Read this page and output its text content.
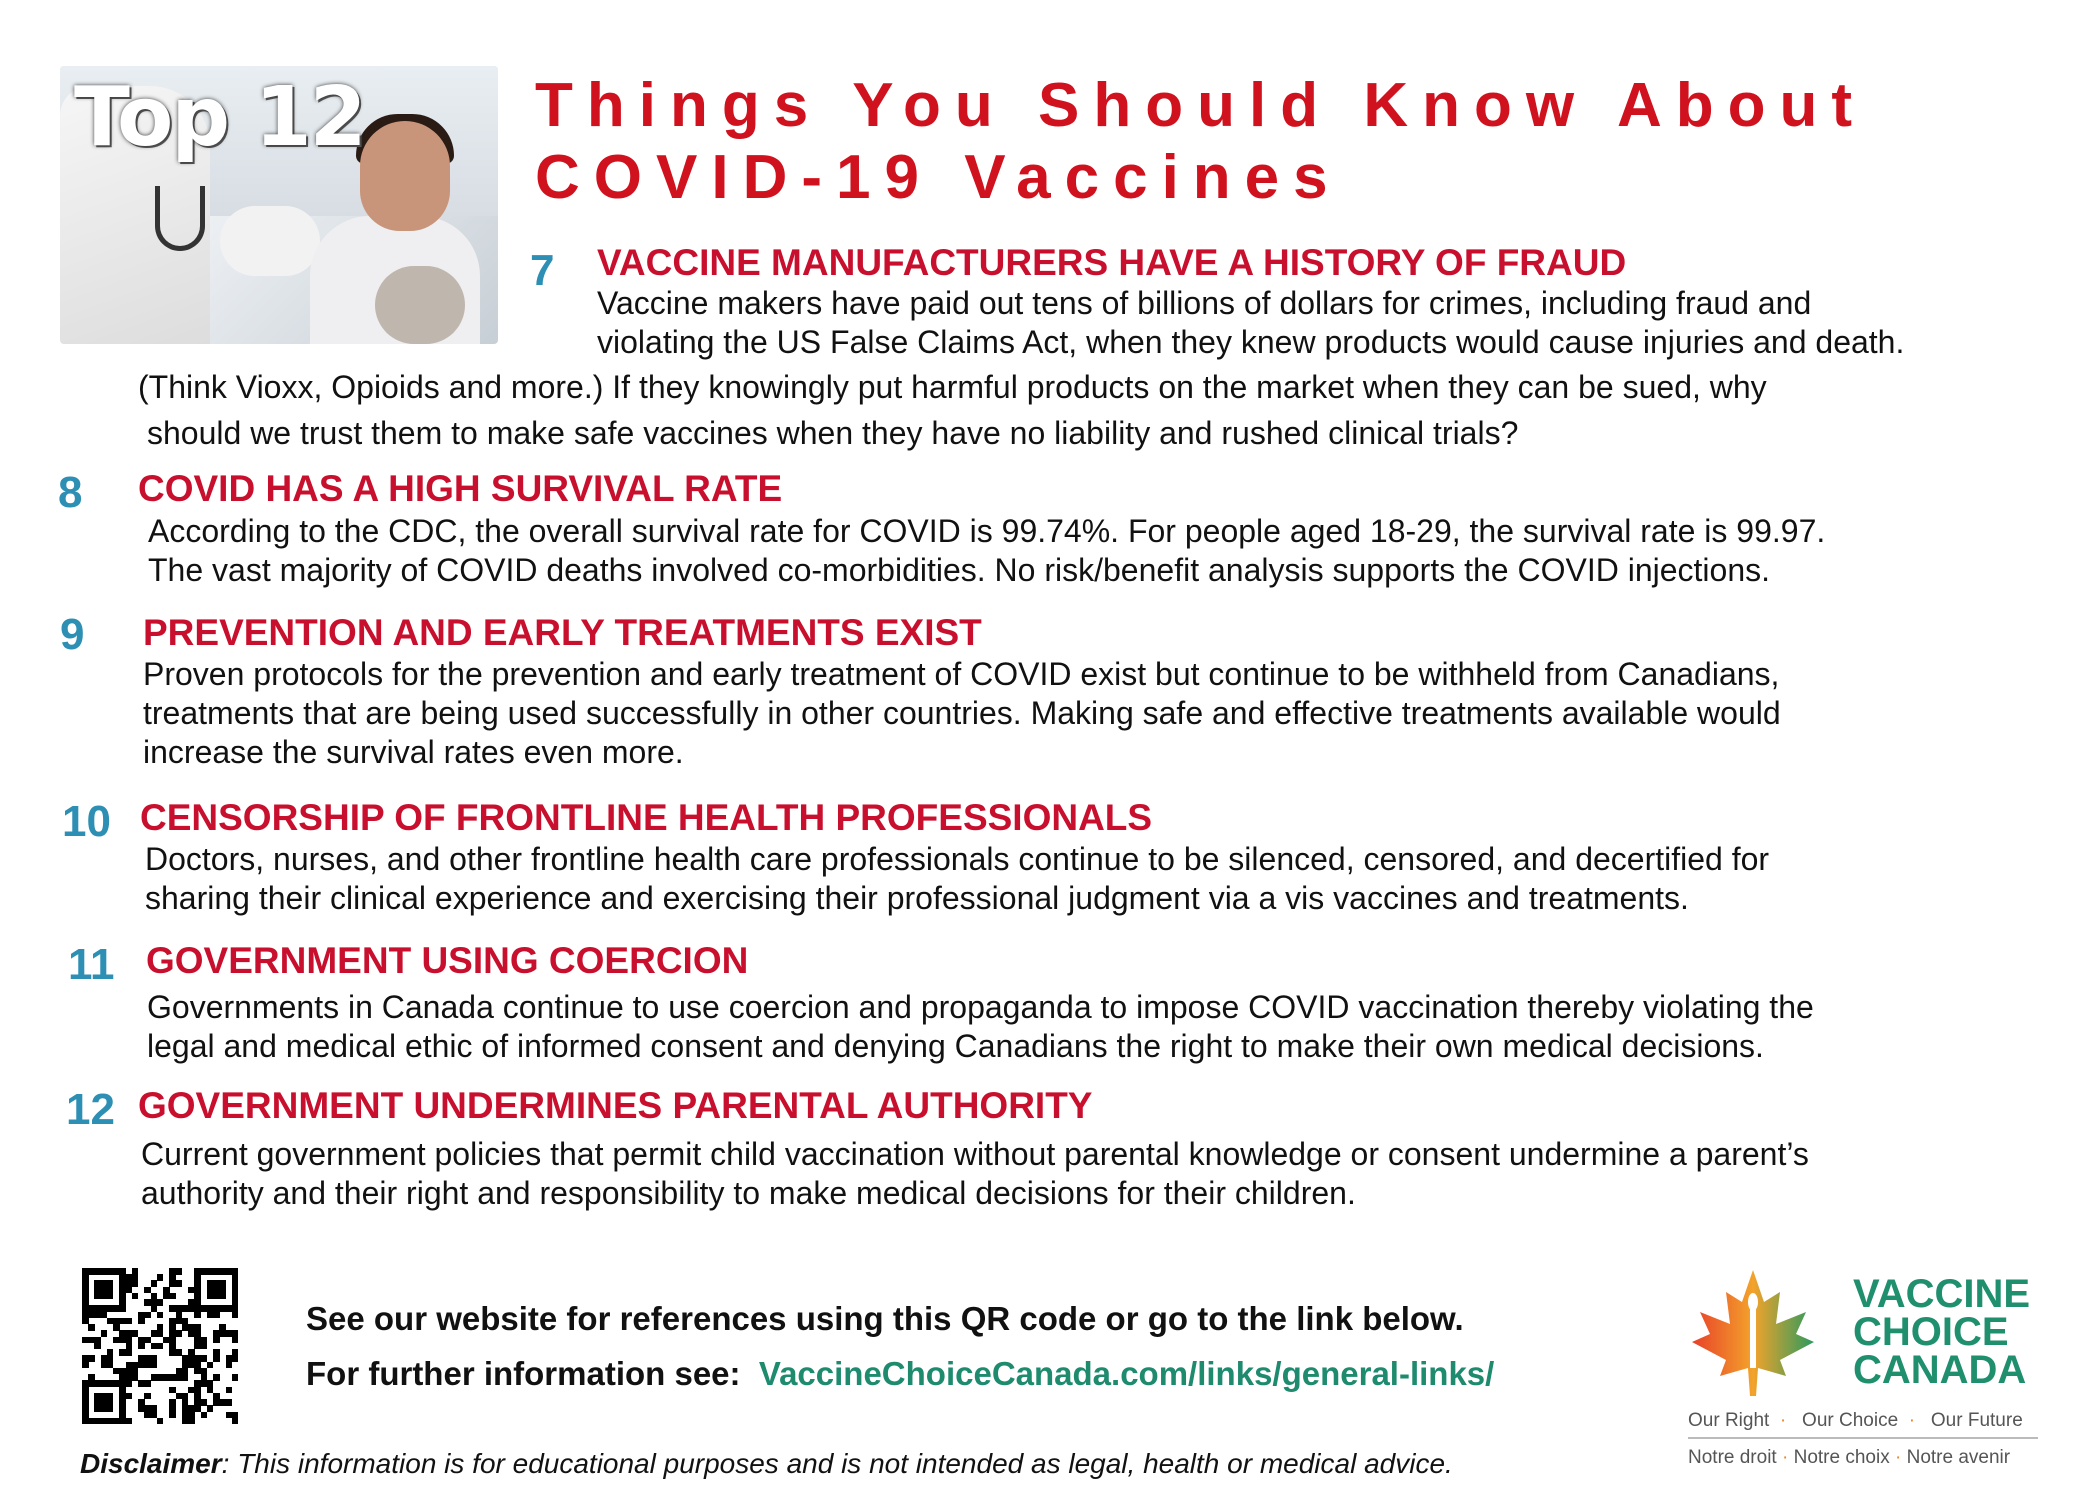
Top 12	Things You Should Know About
COVID-19 Vaccines
7 VACCINE MANUFACTURERS HAVE A HISTORY OF FRAUD
Vaccine makers have paid out tens of billions of dollars for crimes, including fraud and
violating the US False Claims Act, when they knew products would cause injuries and death.
(Think Vioxx, Opioids and more.) If they knowingly put harmful products on the market when they can be sued, why
should we trust them to make safe vaccines when they have no liability and rushed clinical trials?
8 COVID HAS A HIGH SURVIVAL RATE
According to the CDC, the overall survival rate for COVID is 99.74%. For people aged 18-29, the survival rate is 99.97.
The vast majority of COVID deaths involved co-morbidities. No risk/benefit analysis supports the COVID injections.
9 PREVENTION AND EARLY TREATMENTS EXIST
Proven protocols for the prevention and early treatment of COVID exist but continue to be withheld from Canadians,
treatments that are being used successfully in other countries. Making safe and effective treatments available would
increase the survival rates even more.
10 CENSORSHIP OF FRONTLINE HEALTH PROFESSIONALS
Doctors, nurses, and other frontline health care professionals continue to be silenced, censored, and decertified for
sharing their clinical experience and exercising their professional judgment via a vis vaccines and treatments.
11 GOVERNMENT USING COERCION
Governments in Canada continue to use coercion and propaganda to impose COVID vaccination thereby violating the
legal and medical ethic of informed consent and denying Canadians the right to make their own medical decisions.
12 GOVERNMENT UNDERMINES PARENTAL AUTHORITY
Current government policies that permit child vaccination without parental knowledge or consent undermine a parent’s
authority and their right and responsibility to make medical decisions for their children.
See our website for references using this QR code or go to the link below.
For further information see: VaccineChoiceCanada.com/links/general-links/
Disclaimer: This information is for educational purposes and is not intended as legal, health or medical advice.
VACCINE
CHOICE
CANADA
Our Right  ·   Our Choice  ·   Our Future
Notre droit · Notre choix · Notre avenir
